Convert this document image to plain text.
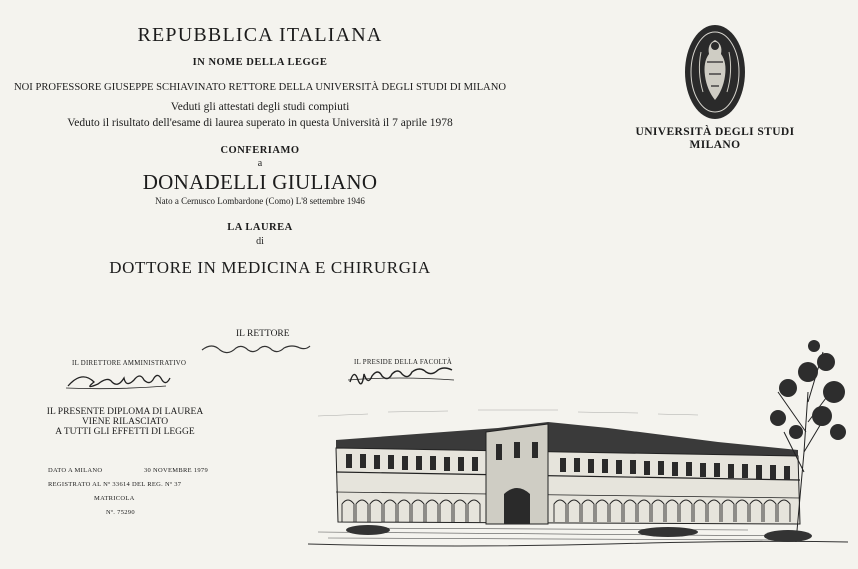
REPUBBLICA ITALIANA
IN NOME DELLA LEGGE
NOI PROFESSORE GIUSEPPE SCHIAVINATO RETTORE DELLA UNIVERSITÀ DEGLI STUDI DI MILANO
Veduti gli attestati degli studi compiuti
Veduto il risultato dell'esame di laurea superato in questa Università il 7 aprile 1978
CONFERIAMO
a
DONADELLI GIULIANO
Nato a Cernusco Lombardone (Como) L'8 settembre 1946
LA LAUREA
di
DOTTORE IN MEDICINA E CHIRURGIA
UNIVERSITÀ DEGLI STUDI
MILANO
IL RETTORE
IL DIRETTORE AMMINISTRATIVO	IL PRESIDE DELLA FACOLTÀ
IL PRESENTE DIPLOMA DI LAUREA
VIENE RILASCIATO
A TUTTI GLI EFFETTI DI LEGGE
DATO A MILANO	30 NOVEMBRE 1979
REGISTRATO AL Nº 33614 DEL REG. Nº 37
MATRICOLA
Nº. 75290
